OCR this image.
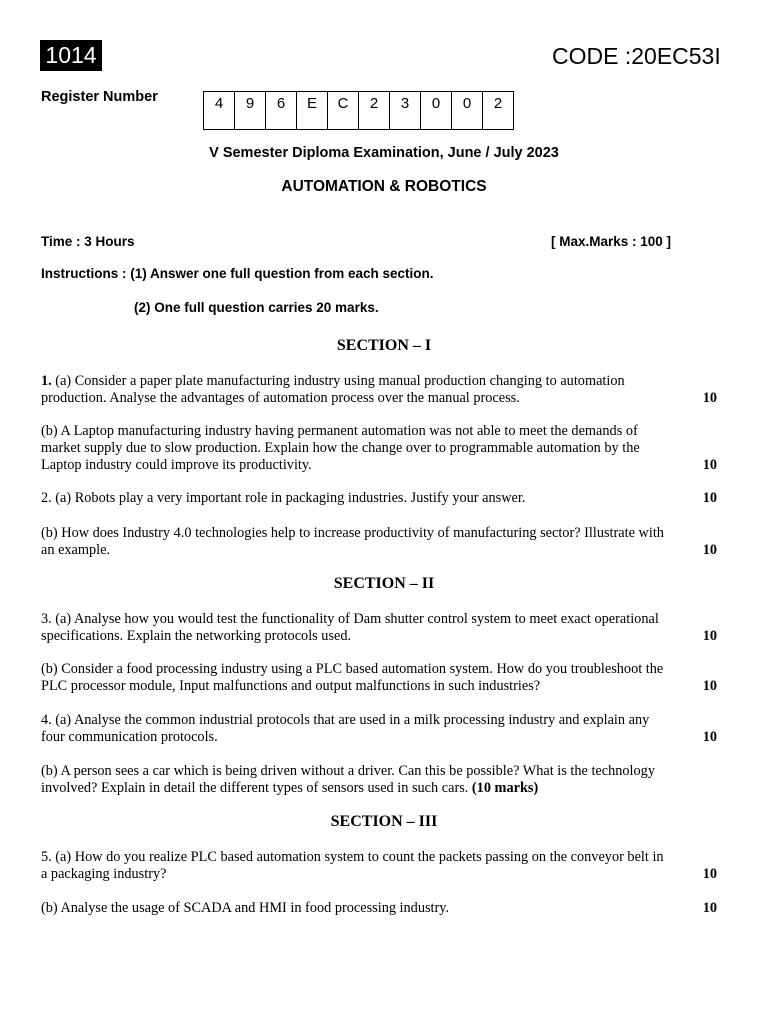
1014	CODE :20EC53I
Register Number	4	9	6	E	C	2	3	0	0	2
V Semester Diploma Examination, June / July 2023
AUTOMATION & ROBOTICS
Time : 3 Hours	[ Max.Marks : 100 ]
Instructions : (1) Answer one full question from each section.
(2) One full question carries 20 marks.
SECTION – I
1. (a) Consider a paper plate manufacturing industry using manual production changing to automation
10
production. Analyse the advantages of automation process over the manual process.
(b) A Laptop manufacturing industry having permanent automation was not able to meet the demands of
market supply due to slow production. Explain how the change over to programmable automation by the
10
Laptop industry could improve its productivity.
10
2. (a) Robots play a very important role in packaging industries. Justify your answer.
(b) How does Industry 4.0 technologies help to increase productivity of manufacturing sector? Illustrate with
10
an example.
SECTION – II
3. (a) Analyse how you would test the functionality of Dam shutter control system to meet exact operational
10
specifications. Explain the networking protocols used.
(b) Consider a food processing industry using a PLC based automation system. How do you troubleshoot the
10
PLC processor module, Input malfunctions and output malfunctions in such industries?
4. (a) Analyse the common industrial protocols that are used in a milk processing industry and explain any
10
four communication protocols.
(b) A person sees a car which is being driven without a driver. Can this be possible? What is the technology
involved? Explain in detail the different types of sensors used in such cars. (10 marks)
SECTION – III
5. (a) How do you realize PLC based automation system to count the packets passing on the conveyor belt in
10
a packaging industry?
10
(b) Analyse the usage of SCADA and HMI in food processing industry.
